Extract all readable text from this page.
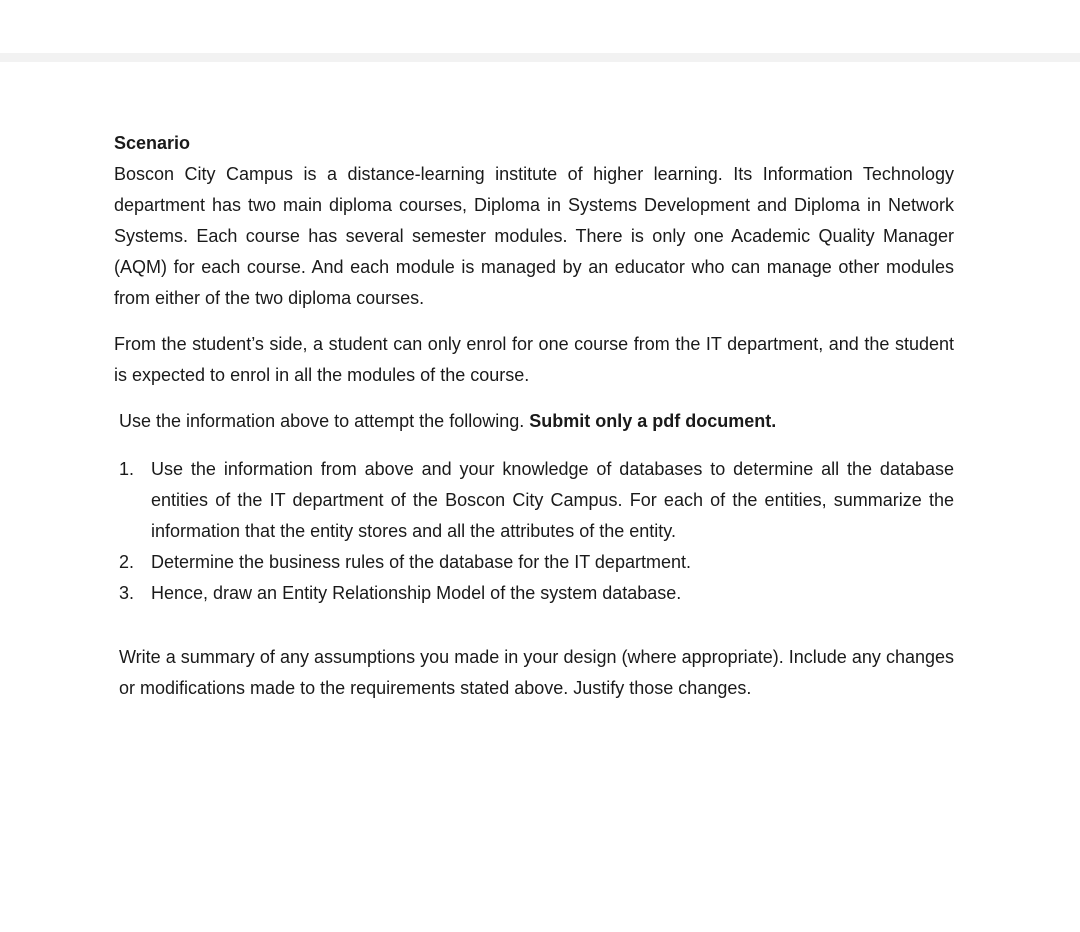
Scenario

Boscon City Campus is a distance-learning institute of higher learning. Its Information Technology department has two main diploma courses, Diploma in Systems Development and Diploma in Network Systems. Each course has several semester modules. There is only one Academic Quality Manager (AQM) for each course. And each module is managed by an educator who can manage other modules from either of the two diploma courses.

From the student’s side, a student can only enrol for one course from the IT department, and the student is expected to enrol in all the modules of the course.

Use the information above to attempt the following. Submit only a pdf document.

1. Use the information from above and your knowledge of databases to determine all the database entities of the IT department of the Boscon City Campus. For each of the entities, summarize the information that the entity stores and all the attributes of the entity.
2. Determine the business rules of the database for the IT department.
3. Hence, draw an Entity Relationship Model of the system database.

Write a summary of any assumptions you made in your design (where appropriate). Include any changes or modifications made to the requirements stated above. Justify those changes.
